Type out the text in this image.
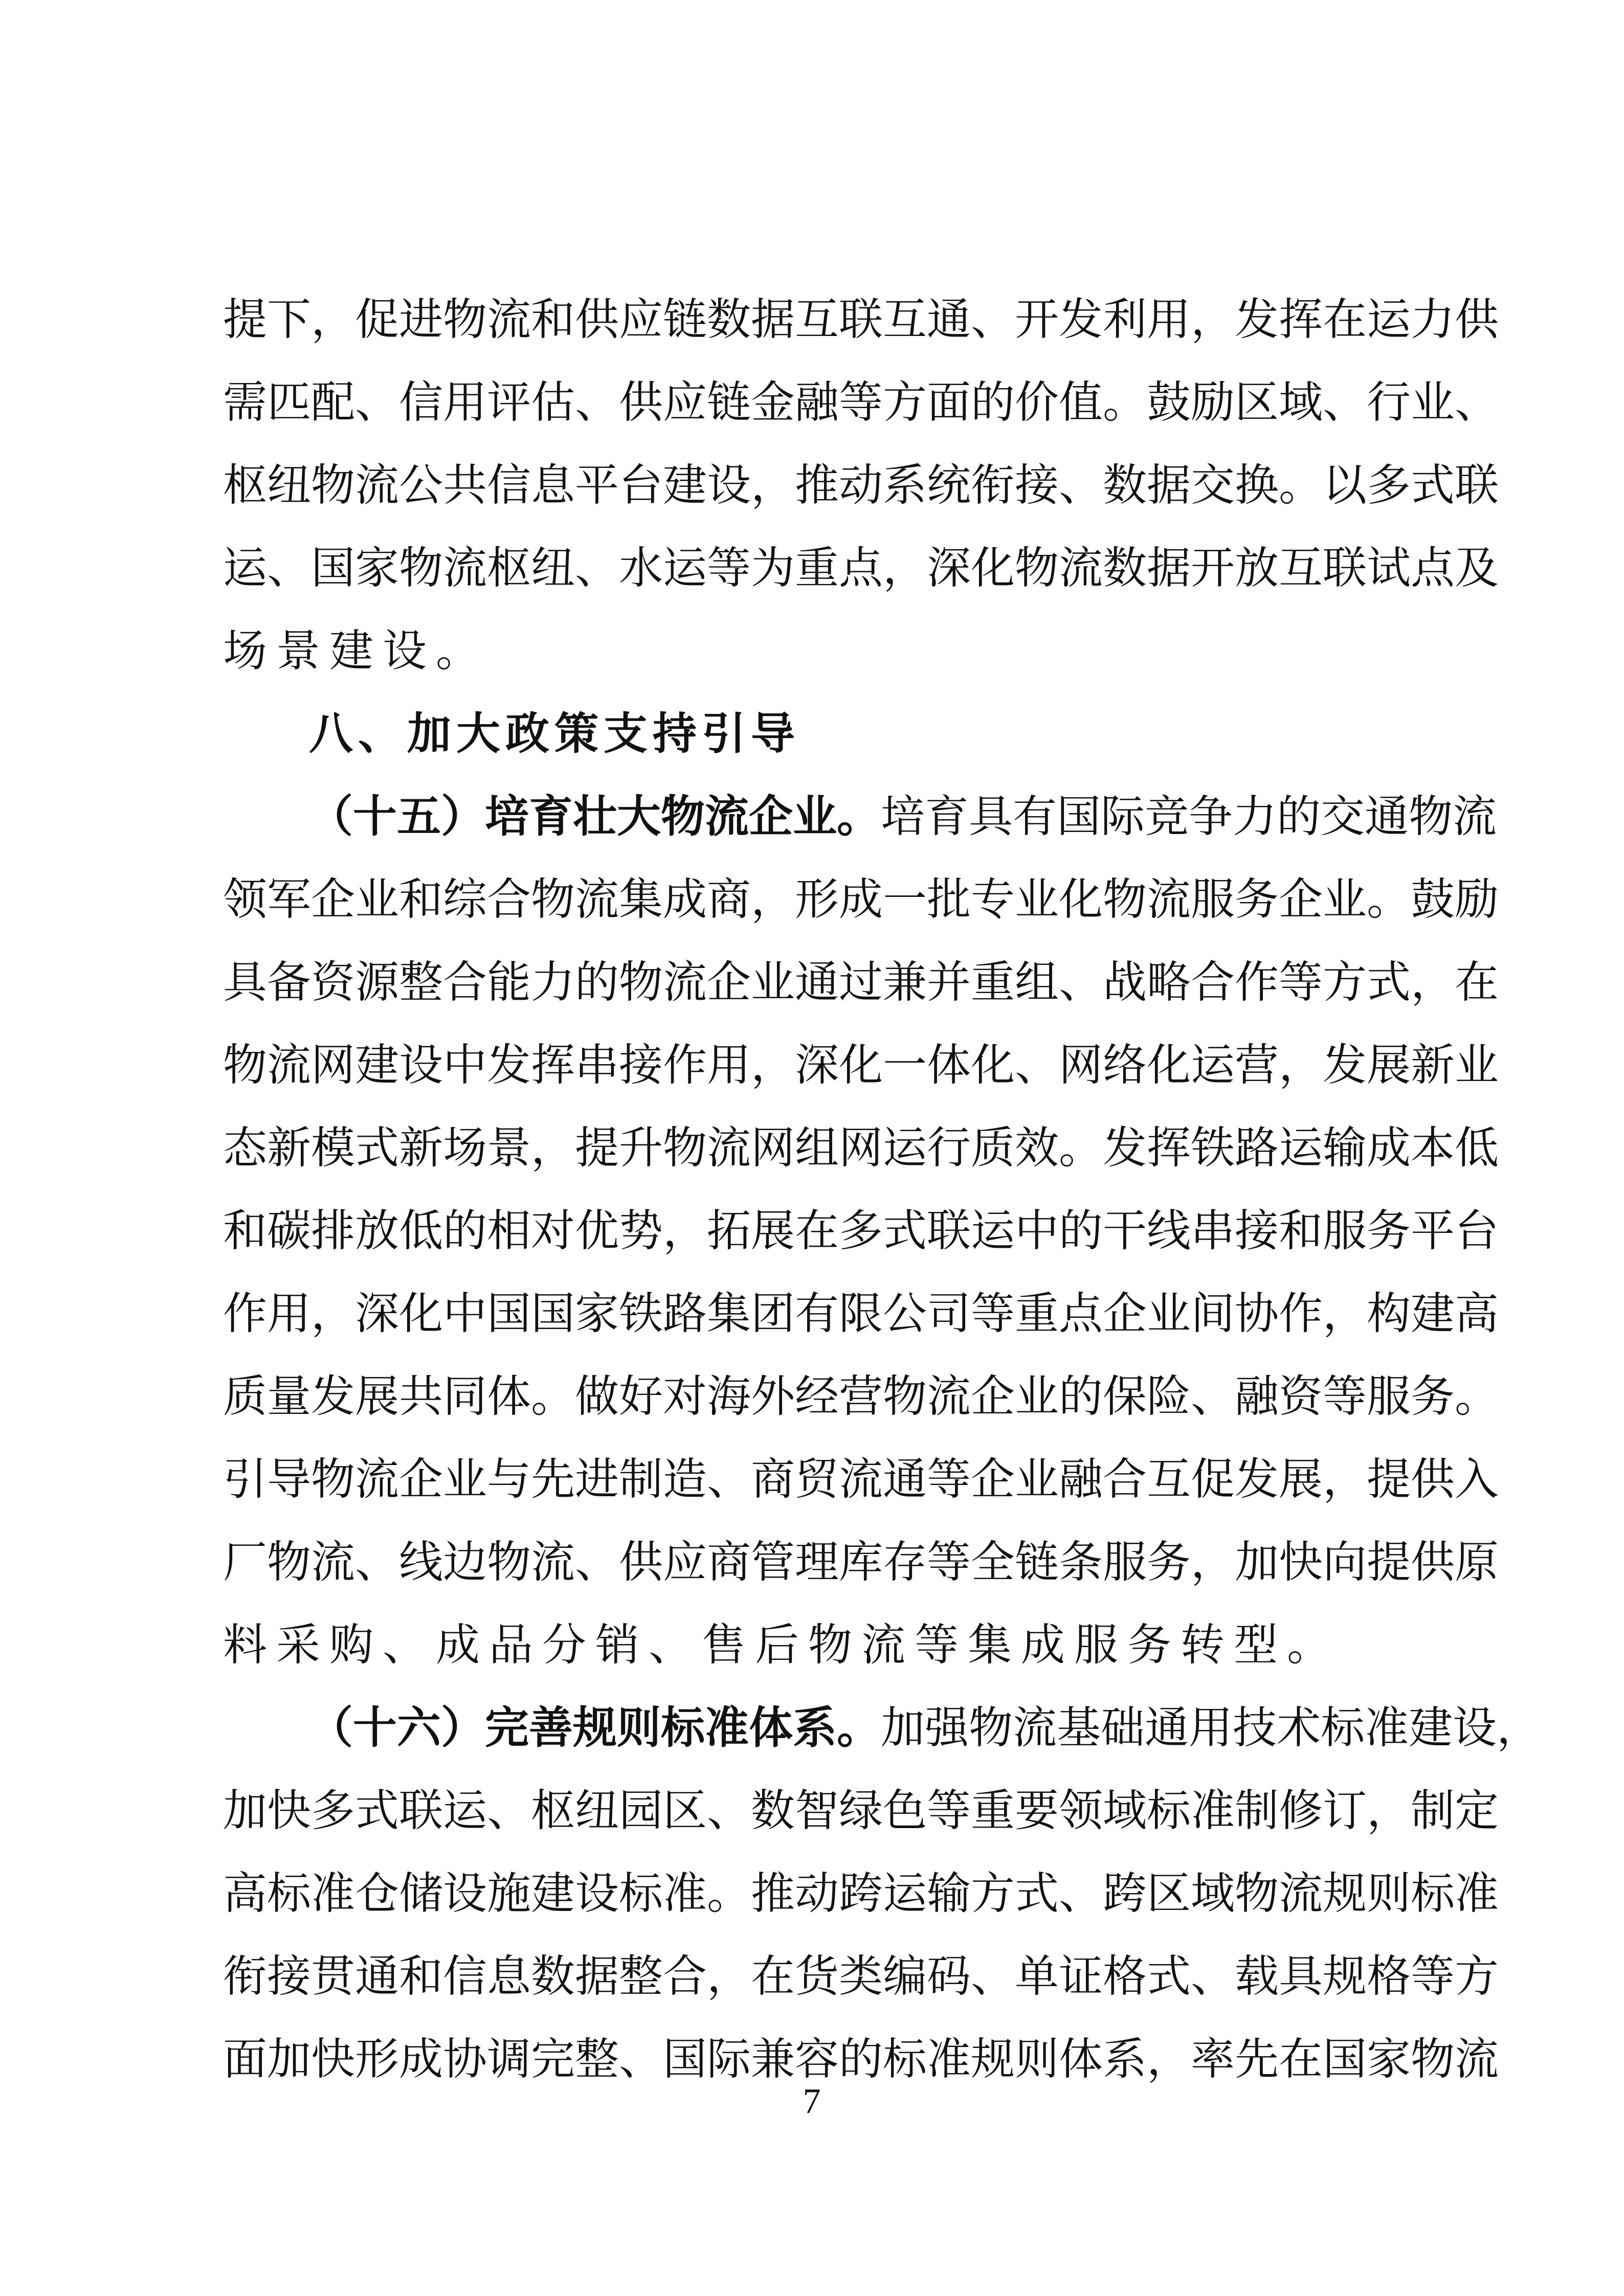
提下，促进物流和供应链数据互联互通、开发利用，发挥在运力供
需匹配、信用评估、供应链金融等方面的价值。鼓励区域、行业、
枢纽物流公共信息平台建设，推动系统衔接、数据交换。以多式联
运、国家物流枢纽、水运等为重点，深化物流数据开放互联试点及
场景建设。
八、加大政策支持引导
（十五）培育壮大物流企业。培育具有国际竞争力的交通物流
领军企业和综合物流集成商，形成一批专业化物流服务企业。鼓励
具备资源整合能力的物流企业通过兼并重组、战略合作等方式，在
物流网建设中发挥串接作用，深化一体化、网络化运营，发展新业
态新模式新场景，提升物流网组网运行质效。发挥铁路运输成本低
和碳排放低的相对优势，拓展在多式联运中的干线串接和服务平台
作用，深化中国国家铁路集团有限公司等重点企业间协作，构建高
质量发展共同体。做好对海外经营物流企业的保险、融资等服务。
引导物流企业与先进制造、商贸流通等企业融合互促发展，提供入
厂物流、线边物流、供应商管理库存等全链条服务，加快向提供原
料采购、成品分销、售后物流等集成服务转型。
（十六）完善规则标准体系。加强物流基础通用技术标准建设，
加快多式联运、枢纽园区、数智绿色等重要领域标准制修订，制定
高标准仓储设施建设标准。推动跨运输方式、跨区域物流规则标准
衔接贯通和信息数据整合，在货类编码、单证格式、载具规格等方
面加快形成协调完整、国际兼容的标准规则体系，率先在国家物流
7
